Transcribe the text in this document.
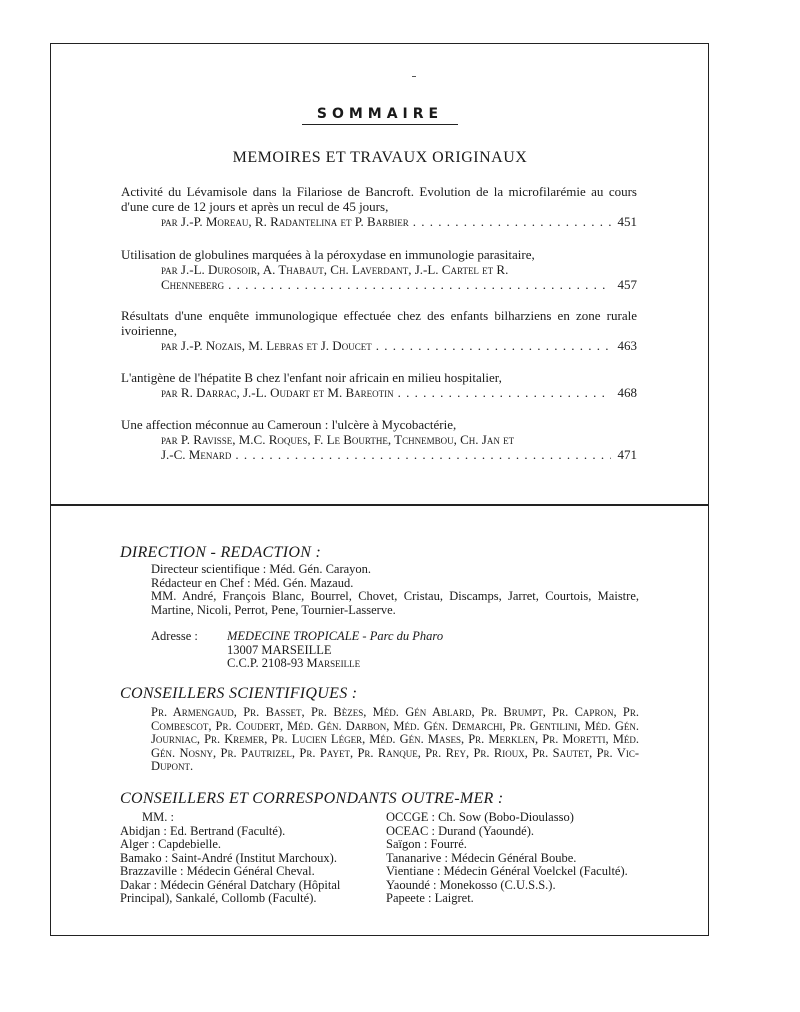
SOMMAIRE
MEMOIRES ET TRAVAUX ORIGINAUX
Activité du Lévamisole dans la Filariose de Bancroft. Evolution de la microfilarémie au cours d'une cure de 12 jours et après un recul de 45 jours,
par J.-P. Moreau, R. Radantelina et P. Barbier . . .	451
Utilisation de globulines marquées à la péroxydase en immunologie parasitaire,
par J.-L. Durosoir, A. Thabaut, Ch. Laverdant, J.-L. Cartel et R.
Chenneberg . . .	457
Résultats d'une enquête immunologique effectuée chez des enfants bilharziens en zone rurale ivoirienne,
par J.-P. Nozais, M. Lebras et J. Doucet . . .	463
L'antigène de l'hépatite B chez l'enfant noir africain en milieu hospitalier,
par R. Darrac, J.-L. Oudart et M. Bareotin . . .	468
Une affection méconnue au Cameroun : l'ulcère à Mycobactérie,
par P. Ravisse, M.C. Roques, F. Le Bourthe, Tchnembou, Ch. Jan et
J.-C. Menard . . .	471
DIRECTION - REDACTION :
Directeur scientifique : Méd. Gén. Carayon.
Rédacteur en Chef : Méd. Gén. Mazaud.
MM. André, François Blanc, Bourrel, Chovet, Cristau, Discamps, Jarret, Courtois, Maistre, Martine, Nicoli, Perrot, Pene, Tournier-Lasserve.
Adresse :	MEDECINE TROPICALE - Parc du Pharo
13007 MARSEILLE
C.C.P. 2108-93 Marseille
CONSEILLERS SCIENTIFIQUES :
Pr. Armengaud, Pr. Basset, Pr. Bèzes, Méd. Gén Ablard, Pr. Brumpt, Pr. Capron, Pr. Combescot, Pr. Coudert, Méd. Gén. Darbon, Méd. Gén. Demarchi, Pr. Gentilini, Méd. Gén. Journiac, Pr. Kremer, Pr. Lucien Léger, Méd. Gén. Mases, Pr. Merklen, Pr. Moretti, Méd. Gén. Nosny, Pr. Pautrizel, Pr. Payet, Pr. Ranque, Pr. Rey, Pr. Rioux, Pr. Sautet, Pr. Vic-Dupont.
CONSEILLERS ET CORRESPONDANTS OUTRE-MER :
MM. :
Abidjan : Ed. Bertrand (Faculté).
Alger : Capdebielle.
Bamako : Saint-André (Institut Marchoux).
Brazzaville : Médecin Général Cheval.
Dakar : Médecin Général Datchary (Hôpital Principal), Sankalé, Collomb (Faculté).
OCCGE : Ch. Sow (Bobo-Dioulasso)
OCEAC : Durand (Yaoundé).
Saïgon : Fourré.
Tananarive : Médecin Général Boube.
Vientiane : Médecin Général Voelckel (Faculté).
Yaoundé : Monekosso (C.U.S.S.).
Papeete : Laigret.
